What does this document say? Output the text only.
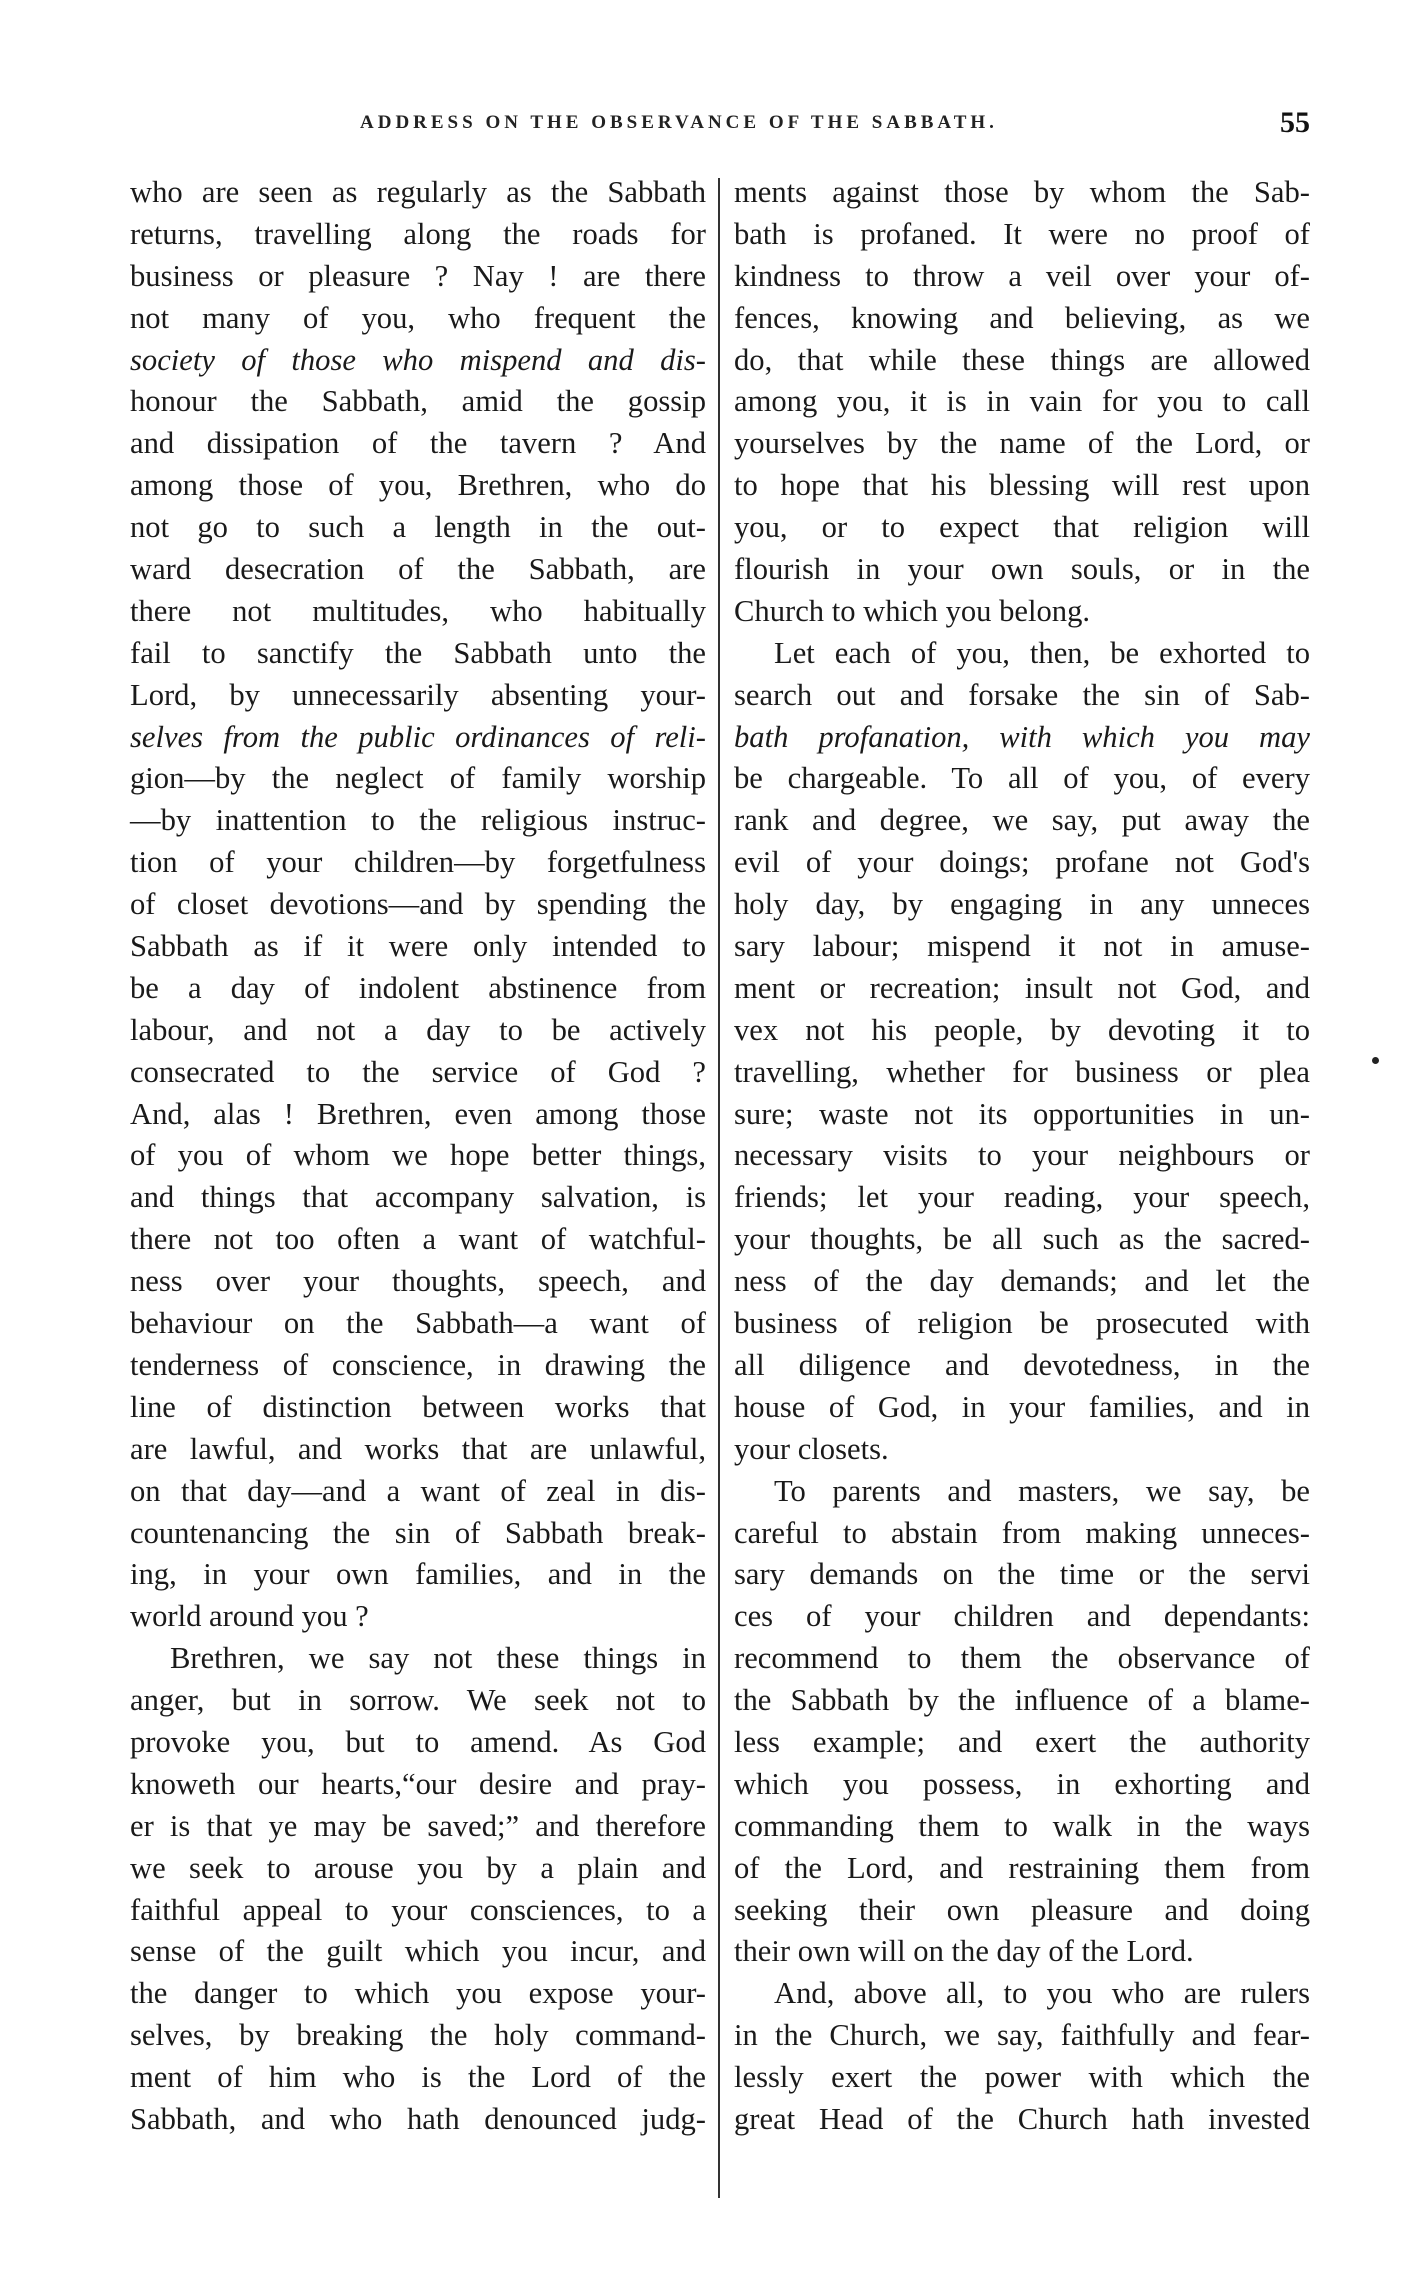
ADDRESS ON THE OBSERVANCE OF THE SABBATH.	55
who are seen as regularly as the Sabbath
returns, travelling along the roads for
business or pleasure ? Nay ! are there
not many of you, who frequent the
society of those who mispend and dis-
honour the Sabbath, amid the gossip
and dissipation of the tavern ? And
among those of you, Brethren, who do
not go to such a length in the out-
ward desecration of the Sabbath, are
there not multitudes, who habitually
fail to sanctify the Sabbath unto the
Lord, by unnecessarily absenting your-
selves from the public ordinances of reli-
gion—by the neglect of family worship
—by inattention to the religious instruc-
tion of your children—by forgetfulness
of closet devotions—and by spending the
Sabbath as if it were only intended to
be a day of indolent abstinence from
labour, and not a day to be actively
consecrated to the service of God ?
And, alas ! Brethren, even among those
of you of whom we hope better things,
and things that accompany salvation, is
there not too often a want of watchful-
ness over your thoughts, speech, and
behaviour on the Sabbath—a want of
tenderness of conscience, in drawing the
line of distinction between works that
are lawful, and works that are unlawful,
on that day—and a want of zeal in dis-
countenancing the sin of Sabbath break-
ing, in your own families, and in the
world around you ?
Brethren, we say not these things in
anger, but in sorrow. We seek not to
provoke you, but to amend. As God
knoweth our hearts,“our desire and pray-
er is that ye may be saved;” and therefore
we seek to arouse you by a plain and
faithful appeal to your consciences, to a
sense of the guilt which you incur, and
the danger to which you expose your-
selves, by breaking the holy command-
ment of him who is the Lord of the
Sabbath, and who hath denounced judg-
ments against those by whom the Sab-
bath is profaned. It were no proof of
kindness to throw a veil over your of-
fences, knowing and believing, as we
do, that while these things are allowed
among you, it is in vain for you to call
yourselves by the name of the Lord, or
to hope that his blessing will rest upon
you, or to expect that religion will
flourish in your own souls, or in the
Church to which you belong.
Let each of you, then, be exhorted to
search out and forsake the sin of Sab-
bath profanation, with which you may
be chargeable. To all of you, of every
rank and degree, we say, put away the
evil of your doings; profane not God's
holy day, by engaging in any unneces
sary labour; mispend it not in amuse-
ment or recreation; insult not God, and
vex not his people, by devoting it to
travelling, whether for business or plea
sure; waste not its opportunities in un-
necessary visits to your neighbours or
friends; let your reading, your speech,
your thoughts, be all such as the sacred-
ness of the day demands; and let the
business of religion be prosecuted with
all diligence and devotedness, in the
house of God, in your families, and in
your closets.
To parents and masters, we say, be
careful to abstain from making unneces-
sary demands on the time or the servi
ces of your children and dependants:
recommend to them the observance of
the Sabbath by the influence of a blame-
less example; and exert the authority
which you possess, in exhorting and
commanding them to walk in the ways
of the Lord, and restraining them from
seeking their own pleasure and doing
their own will on the day of the Lord.
And, above all, to you who are rulers
in the Church, we say, faithfully and fear-
lessly exert the power with which the
great Head of the Church hath invested
